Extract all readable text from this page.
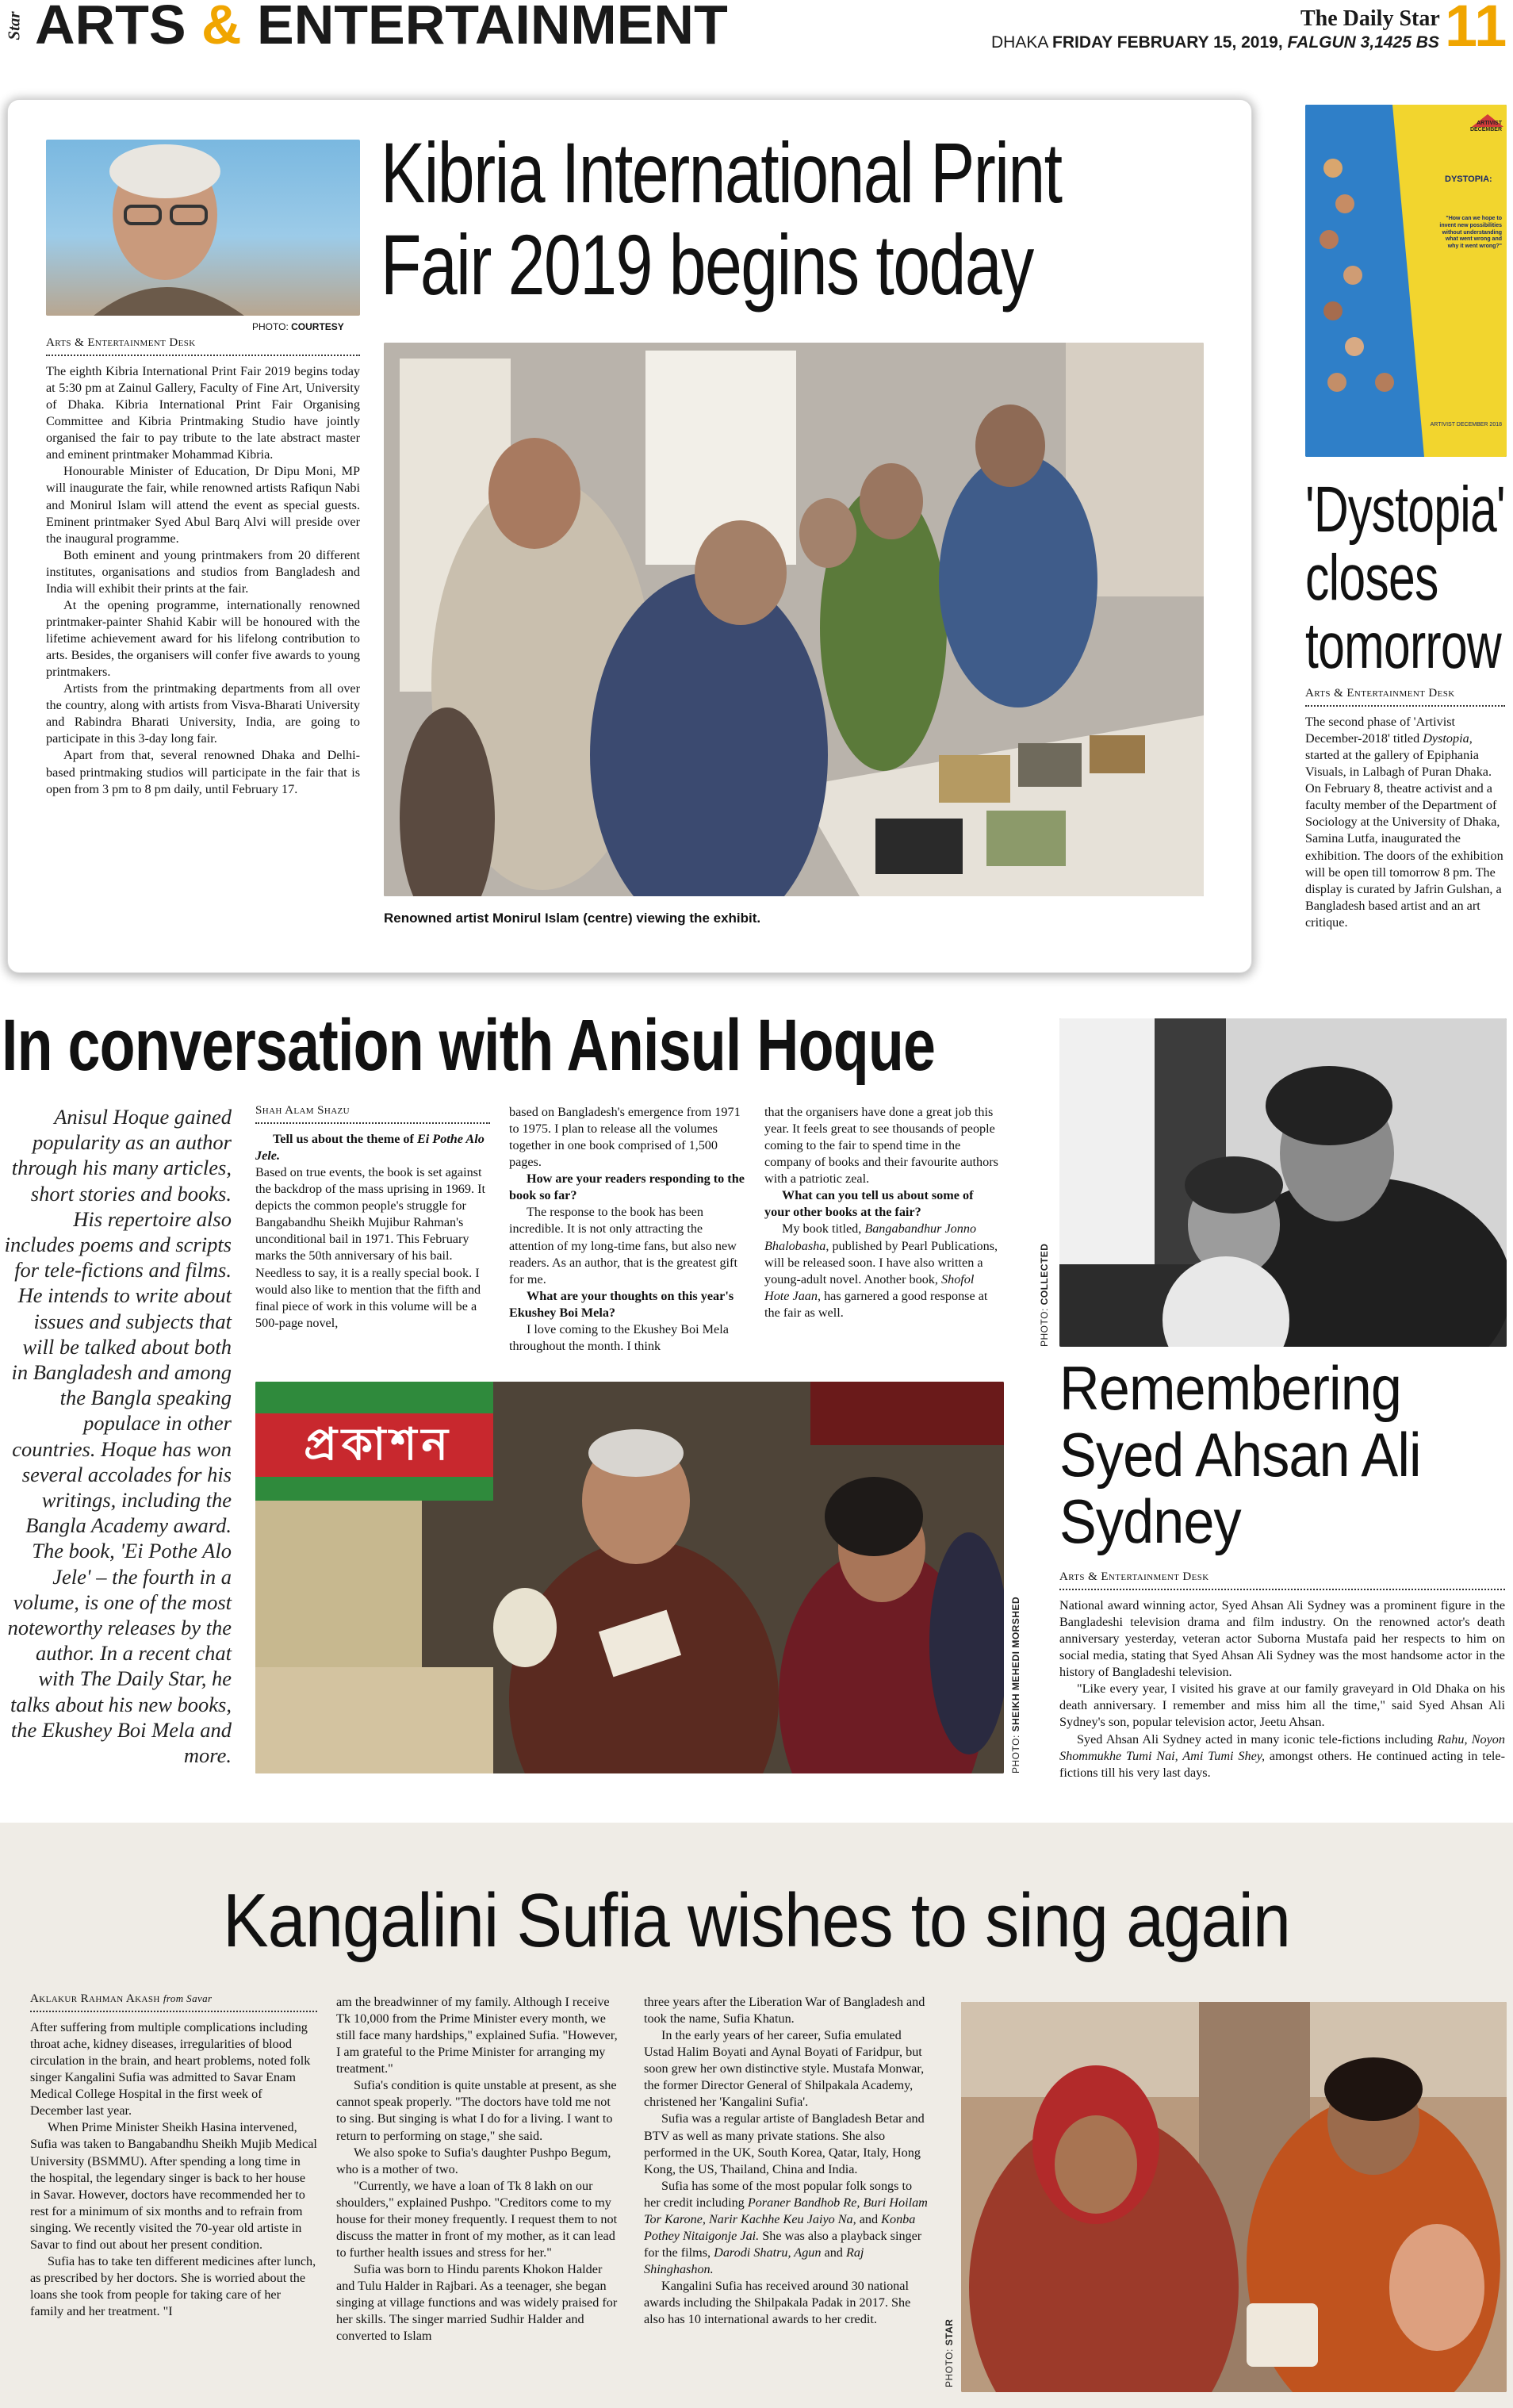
Star ARTS & ENTERTAINMENT	DHAKA FRIDAY FEBRUARY 15, 2019, FALGUN 3,1425 BS
The Daily Star 11
PHOTO: COURTESY
Kibria International Print
Fair 2019 begins today
Arts & Entertainment Desk

The eighth Kibria International Print Fair 2019 begins today at 5:30 pm at Zainul Gallery, Faculty of Fine Art, University of Dhaka. Kibria International Print Fair Organising Committee and Kibria Printmaking Studio have jointly organised the fair to pay tribute to the late abstract master and eminent printmaker Mohammad Kibria.

Honourable Minister of Education, Dr Dipu Moni, MP will inaugurate the fair, while renowned artists Rafiqun Nabi and Monirul Islam will attend the event as special guests. Eminent printmaker Syed Abul Barq Alvi will preside over the inaugural programme.

Both eminent and young printmakers from 20 different institutes, organisations and studios from Bangladesh and India will exhibit their prints at the fair.

At the opening programme, internationally renowned printmaker-painter Shahid Kabir will be honoured with the lifetime achievement award for his lifelong contribution to arts. Besides, the organisers will confer five awards to young printmakers.

Artists from the printmaking departments from all over the country, along with artists from Visva-Bharati University and Rabindra Bharati University, India, are going to participate in this 3-day long fair.

Apart from that, several renowned Dhaka and Delhi-based printmaking studios will participate in the fair that is open from 3 pm to 8 pm daily, until February 17.

Renowned artist Monirul Islam (centre) viewing the exhibit.
ARTIVIST DECEMBER
DYSTOPIA:
"How can we hope to invent new possibilities without understanding what went wrong and why it went wrong?"
ARTIVIST DECEMBER 2018
'Dystopia'
closes
tomorrow
Arts & Entertainment Desk

The second phase of 'Artivist December-2018' titled Dystopia, started at the gallery of Epiphania Visuals, in Lalbagh of Puran Dhaka. On February 8, theatre activist and a faculty member of the Department of Sociology at the University of Dhaka, Samina Lutfa, inaugurated the exhibition. The doors of the exhibition will be open till tomorrow 8 pm. The display is curated by Jafrin Gulshan, a Bangladesh based artist and an art critique.

In conversation with Anisul Hoque
Anisul Hoque gained popularity as an author through his many articles, short stories and books. His repertoire also includes poems and scripts for tele-fictions and films. He intends to write about issues and subjects that will be talked about both in Bangladesh and among the Bangla speaking populace in other countries. Hoque has won several accolades for his writings, including the Bangla Academy award. The book, 'Ei Pothe Alo Jele' – the fourth in a volume, is one of the most noteworthy releases by the author. In a recent chat with The Daily Star, he talks about his new books, the Ekushey Boi Mela and more.
Shah Alam Shazu
Tell us about the theme of Ei Pothe Alo Jele.

Based on true events, the book is set against the backdrop of the mass uprising in 1969. It depicts the common people's struggle for Bangabandhu Sheikh Mujibur Rahman's unconditional bail in 1971. This February marks the 50th anniversary of his bail. Needless to say, it is a really special book. I would also like to mention that the fifth and final piece of work in this volume will be a 500-page novel,

based on Bangladesh's emergence from 1971 to 1975. I plan to release all the volumes together in one book comprised of 1,500 pages.

How are your readers responding to the book so far?

The response to the book has been incredible. It is not only attracting the attention of my long-time fans, but also new readers. As an author, that is the greatest gift for me.

What are your thoughts on this year's Ekushey Boi Mela?

I love coming to the Ekushey Boi Mela throughout the month. I think

that the organisers have done a great job this year. It feels great to see thousands of people coming to the fair to spend time in the company of books and their favourite authors with a patriotic zeal.

What can you tell us about some of your other books at the fair?

My book titled, Bangabandhur Jonno Bhalobasha, published by Pearl Publications, will be released soon. I have also written a young-adult novel. Another book, Shofol Hote Jaan, has garnered a good response at the fair as well.

প্রকাশন
PHOTO: SHEIKH MEHEDI MORSHED
PHOTO: COLLECTED
Remembering
Syed Ahsan Ali
Sydney
Arts & Entertainment Desk

National award winning actor, Syed Ahsan Ali Sydney was a prominent figure in the Bangladeshi television drama and film industry. On the renowned actor's death anniversary yesterday, veteran actor Suborna Mustafa paid her respects to him on social media, stating that Syed Ahsan Ali Sydney was the most handsome actor in the history of Bangladeshi television.

"Like every year, I visited his grave at our family graveyard in Old Dhaka on his death anniversary. I remember and miss him all the time," said Syed Ahsan Ali Sydney's son, popular television actor, Jeetu Ahsan.

Syed Ahsan Ali Sydney acted in many iconic tele-fictions including Rahu, Noyon Shommukhe Tumi Nai, Ami Tumi Shey, amongst others. He continued acting in tele-fictions till his very last days.

Kangalini Sufia wishes to sing again
Aklakur Rahman Akash from Savar

After suffering from multiple complications including throat ache, kidney diseases, irregularities of blood circulation in the brain, and heart problems, noted folk singer Kangalini Sufia was admitted to Savar Enam Medical College Hospital in the first week of December last year.

When Prime Minister Sheikh Hasina intervened, Sufia was taken to Bangabandhu Sheikh Mujib Medical University (BSMMU). After spending a long time in the hospital, the legendary singer is back to her house in Savar. However, doctors have recommended her to rest for a minimum of six months and to refrain from singing. We recently visited the 70-year old artiste in Savar to find out about her present condition.

Sufia has to take ten different medicines after lunch, as prescribed by her doctors. She is worried about the loans she took from people for taking care of her family and her treatment. "I

am the breadwinner of my family. Although I receive Tk 10,000 from the Prime Minister every month, we still face many hardships," explained Sufia. "However, I am grateful to the Prime Minister for arranging my treatment."

Sufia's condition is quite unstable at present, as she cannot speak properly. "The doctors have told me not to sing. But singing is what I do for a living. I want to return to performing on stage," she said.

We also spoke to Sufia's daughter Pushpo Begum, who is a mother of two.

"Currently, we have a loan of Tk 8 lakh on our shoulders," explained Pushpo. "Creditors come to my house for their money frequently. I request them to not discuss the matter in front of my mother, as it can lead to further health issues and stress for her."

Sufia was born to Hindu parents Khokon Halder and Tulu Halder in Rajbari. As a teenager, she began singing at village functions and was widely praised for her skills. The singer married Sudhir Halder and converted to Islam

three years after the Liberation War of Bangladesh and took the name, Sufia Khatun.

In the early years of her career, Sufia emulated Ustad Halim Boyati and Aynal Boyati of Faridpur, but soon grew her own distinctive style. Mustafa Monwar, the former Director General of Shilpakala Academy, christened her 'Kangalini Sufia'.

Sufia was a regular artiste of Bangladesh Betar and BTV as well as many private stations. She also performed in the UK, South Korea, Qatar, Italy, Hong Kong, the US, Thailand, China and India.

Sufia has some of the most popular folk songs to her credit including Poraner Bandhob Re, Buri Hoilam Tor Karone, Narir Kachhe Keu Jaiyo Na, and Konba Pothey Nitaigonje Jai. She was also a playback singer for the films, Darodi Shatru, Agun and Raj Shinghashon.

Kangalini Sufia has received around 30 national awards including the Shilpakala Padak in 2017. She also has 10 international awards to her credit.

PHOTO: STAR
